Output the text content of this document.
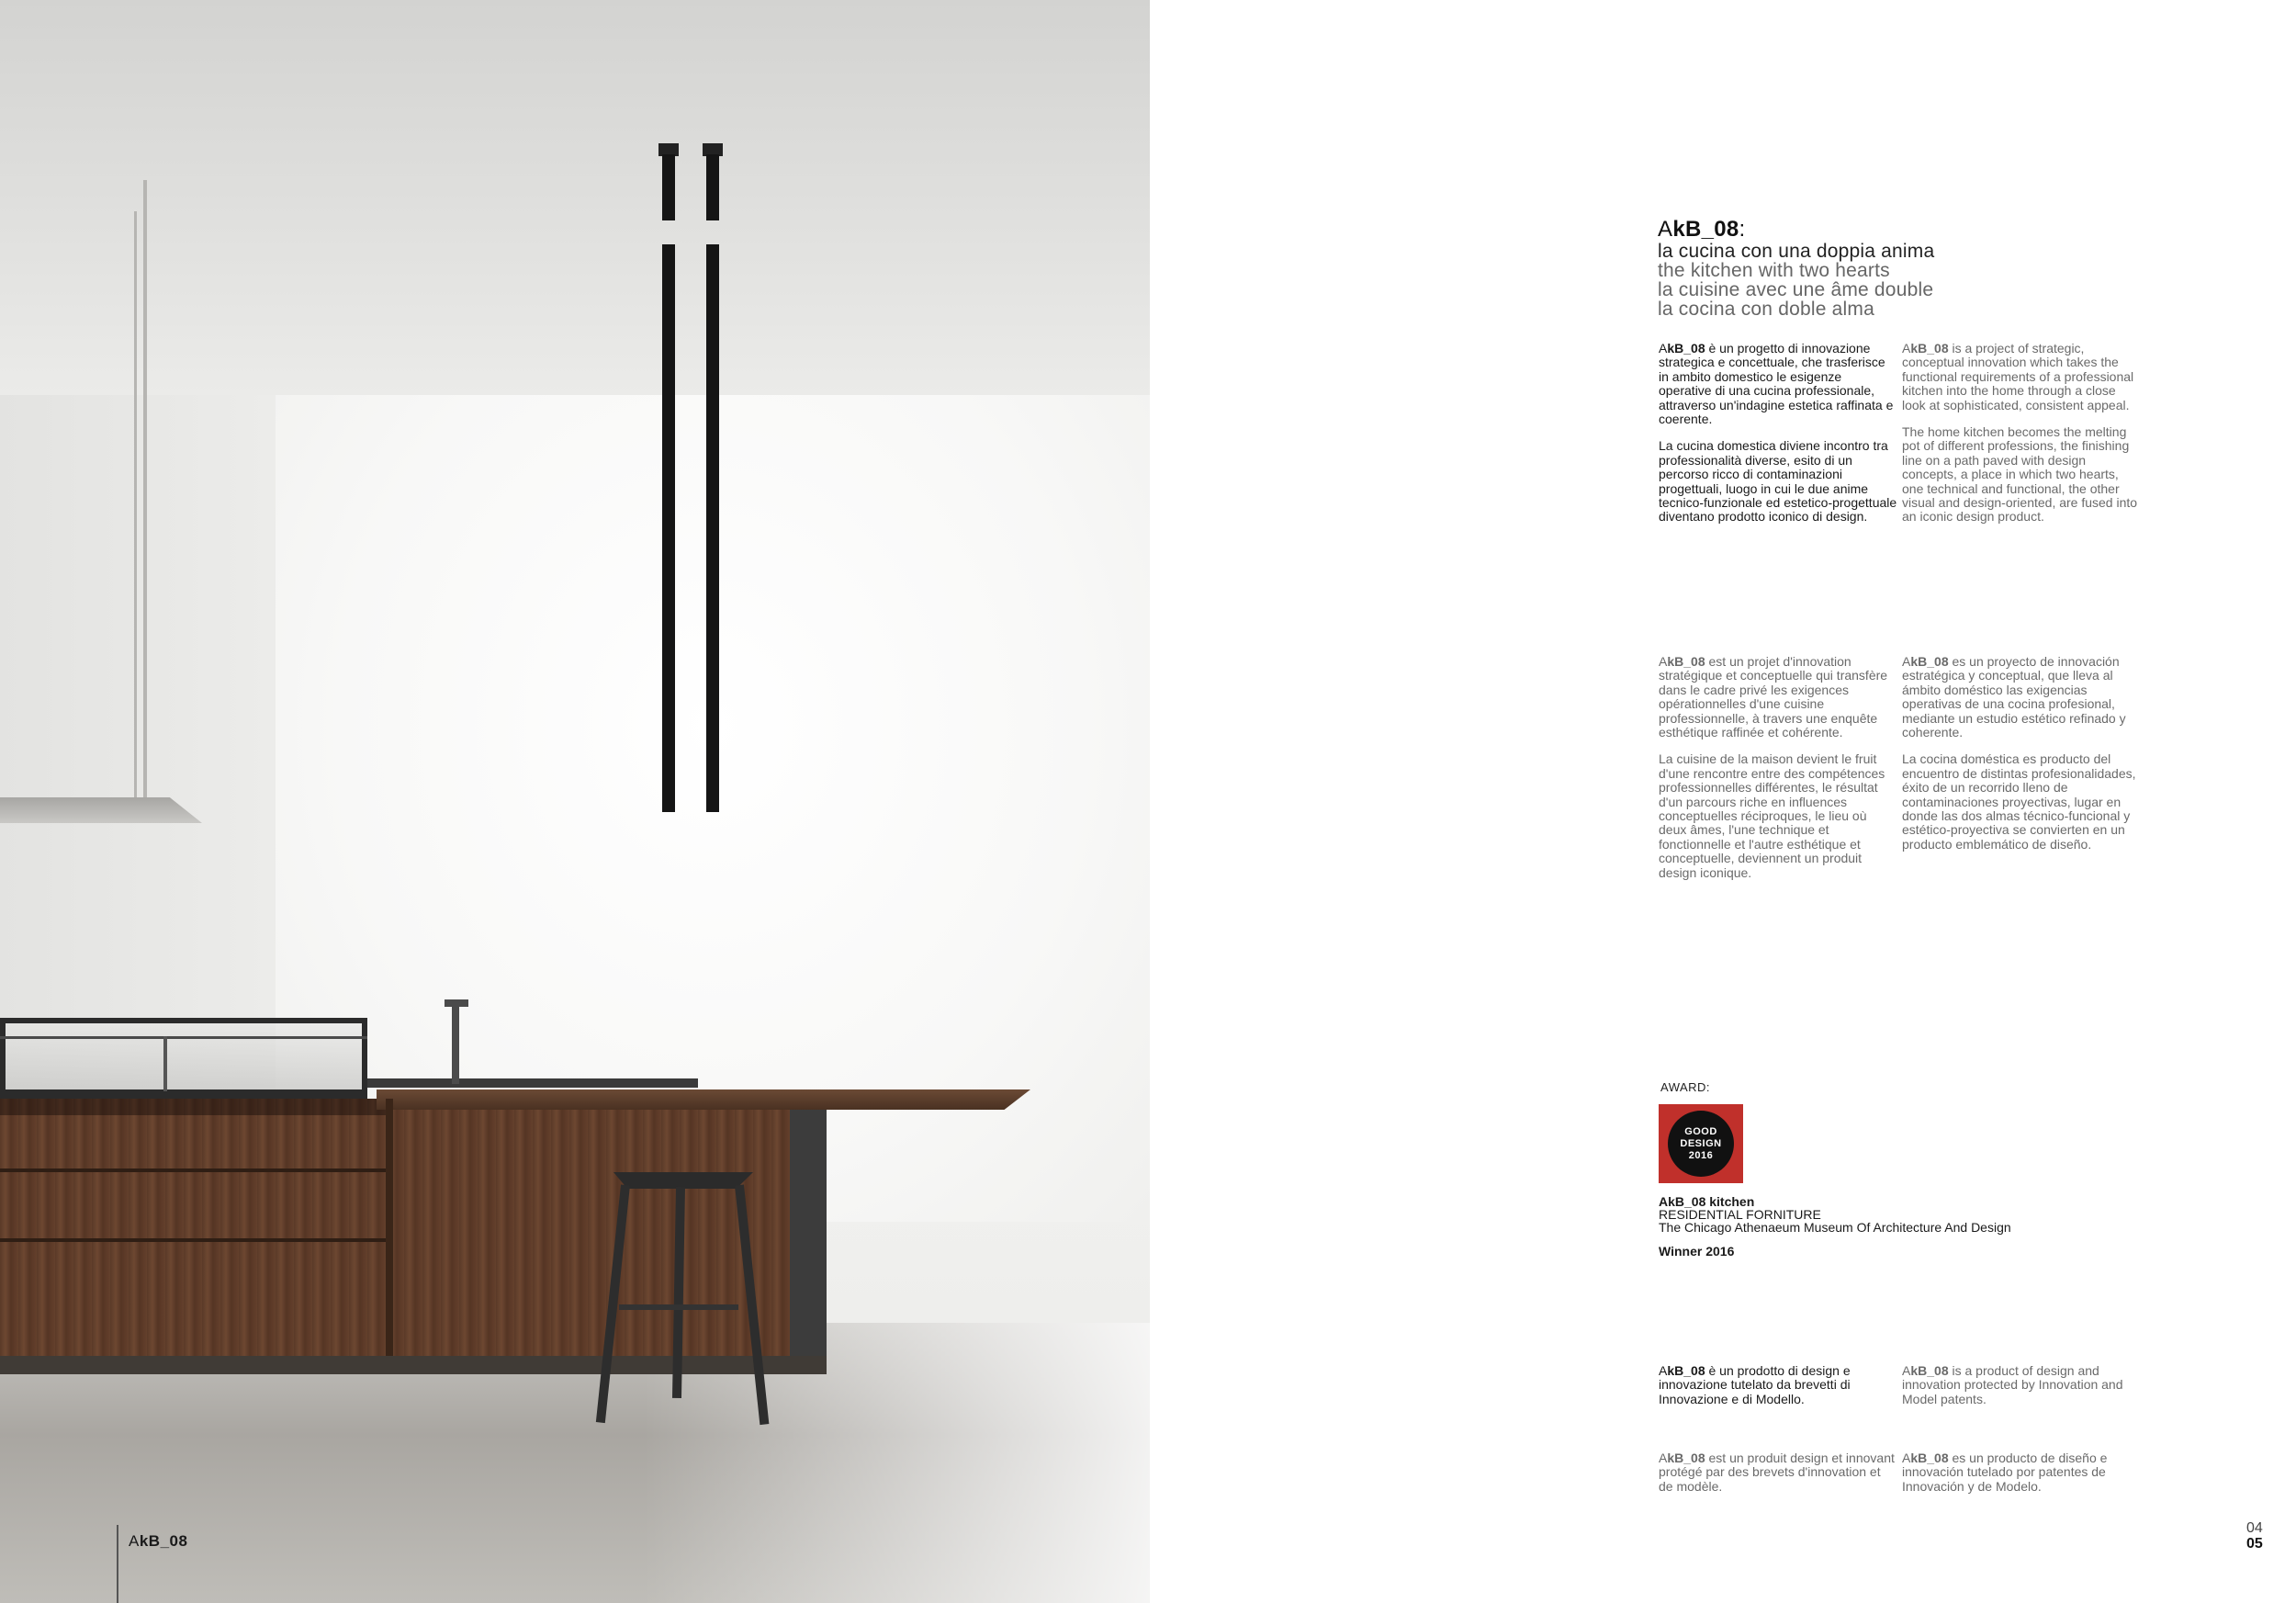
AkB_08
AkB_08:
la cucina con una doppia anima
the kitchen with two hearts
la cuisine avec une âme double
la cocina con doble alma

AkB_08 è un progetto di innovazione strategica e concettuale, che trasferisce in ambito domestico le esigenze operative di una cucina professionale, attraverso un'indagine estetica raffinata e coerente.

La cucina domestica diviene incontro tra professionalità diverse, esito di un percorso ricco di contaminazioni progettuali, luogo in cui le due anime tecnico-funzionale ed estetico-progettuale diventano prodotto iconico di design.

AkB_08 is a project of strategic, conceptual innovation which takes the functional requirements of a professional kitchen into the home through a close look at sophisticated, consistent appeal.

The home kitchen becomes the melting pot of different professions, the finishing line on a path paved with design concepts, a place in which two hearts, one technical and functional, the other visual and design-oriented, are fused into an iconic design product.

AkB_08 est un projet d'innovation stratégique et conceptuelle qui transfère dans le cadre privé les exigences opérationnelles d'une cuisine professionnelle, à travers une enquête esthétique raffinée et cohérente.

La cuisine de la maison devient le fruit d'une rencontre entre des compétences professionnelles différentes, le résultat d'un parcours riche en influences conceptuelles réciproques, le lieu où deux âmes, l'une technique et fonctionnelle et l'autre esthétique et conceptuelle, deviennent un produit design iconique.

AkB_08 es un proyecto de innovación estratégica y conceptual, que lleva al ámbito doméstico las exigencias operativas de una cocina profesional, mediante un estudio estético refinado y coherente.

La cocina doméstica es producto del encuentro de distintas profesionalidades, éxito de un recorrido lleno de contaminaciones proyectivas, lugar en donde las dos almas técnico-funcional y estético-proyectiva se convierten en un producto emblemático de diseño.

AWARD:
GOOD
DESIGN
2016
AkB_08 kitchen
RESIDENTIAL FORNITURE
The Chicago Athenaeum Museum Of Architecture And Design
Winner 2016

AkB_08 è un prodotto di design e innovazione tutelato da brevetti di Innovazione e di Modello.

AkB_08 is a product of design and innovation protected by Innovation and Model patents.

AkB_08 est un produit design et innovant protégé par des brevets d'innovation et de modèle.

AkB_08 es un producto de diseño e innovación tutelado por patentes de Innovación y de Modelo.

04
05
